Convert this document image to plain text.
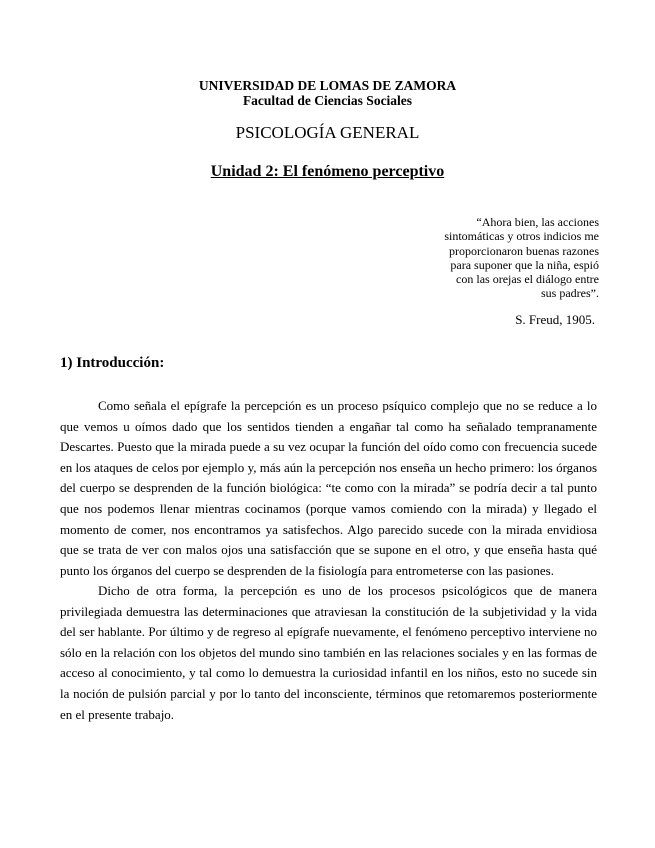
UNIVERSIDAD DE LOMAS DE ZAMORA
Facultad de Ciencias Sociales
PSICOLOGÍA GENERAL
Unidad 2: El fenómeno perceptivo
“Ahora bien, las acciones sintomáticas y otros indicios me proporcionaron buenas razones para suponer que la niña, espió con las orejas el diálogo entre sus padres”.
S. Freud, 1905.
1) Introducción:

Como señala el epígrafe la percepción es un proceso psíquico complejo que no se reduce a lo que vemos u oímos dado que los sentidos tienden a engañar tal como ha señalado tempranamente Descartes. Puesto que la mirada puede a su vez ocupar la función del oído como con frecuencia sucede en los ataques de celos por ejemplo y, más aún la percepción nos enseña un hecho primero: los órganos del cuerpo se desprenden de la función biológica: “te como con la mirada” se podría decir a tal punto que nos podemos llenar mientras cocinamos (porque vamos comiendo con la mirada) y llegado el momento de comer, nos encontramos ya satisfechos. Algo parecido sucede con la mirada envidiosa que se trata de ver con malos ojos una satisfacción que se supone en el otro, y que enseña hasta qué punto los órganos del cuerpo se desprenden de la fisiología para entrometerse con las pasiones.

Dicho de otra forma, la percepción es uno de los procesos psicológicos que de manera privilegiada demuestra las determinaciones que atraviesan la constitución de la subjetividad y la vida del ser hablante. Por último y de regreso al epígrafe nuevamente, el fenómeno perceptivo interviene no sólo en la relación con los objetos del mundo sino también en las relaciones sociales y en las formas de acceso al conocimiento, y tal como lo demuestra la curiosidad infantil en los niños, esto no sucede sin la noción de pulsión parcial y por lo tanto del inconsciente, términos que retomaremos posteriormente en el presente trabajo.
